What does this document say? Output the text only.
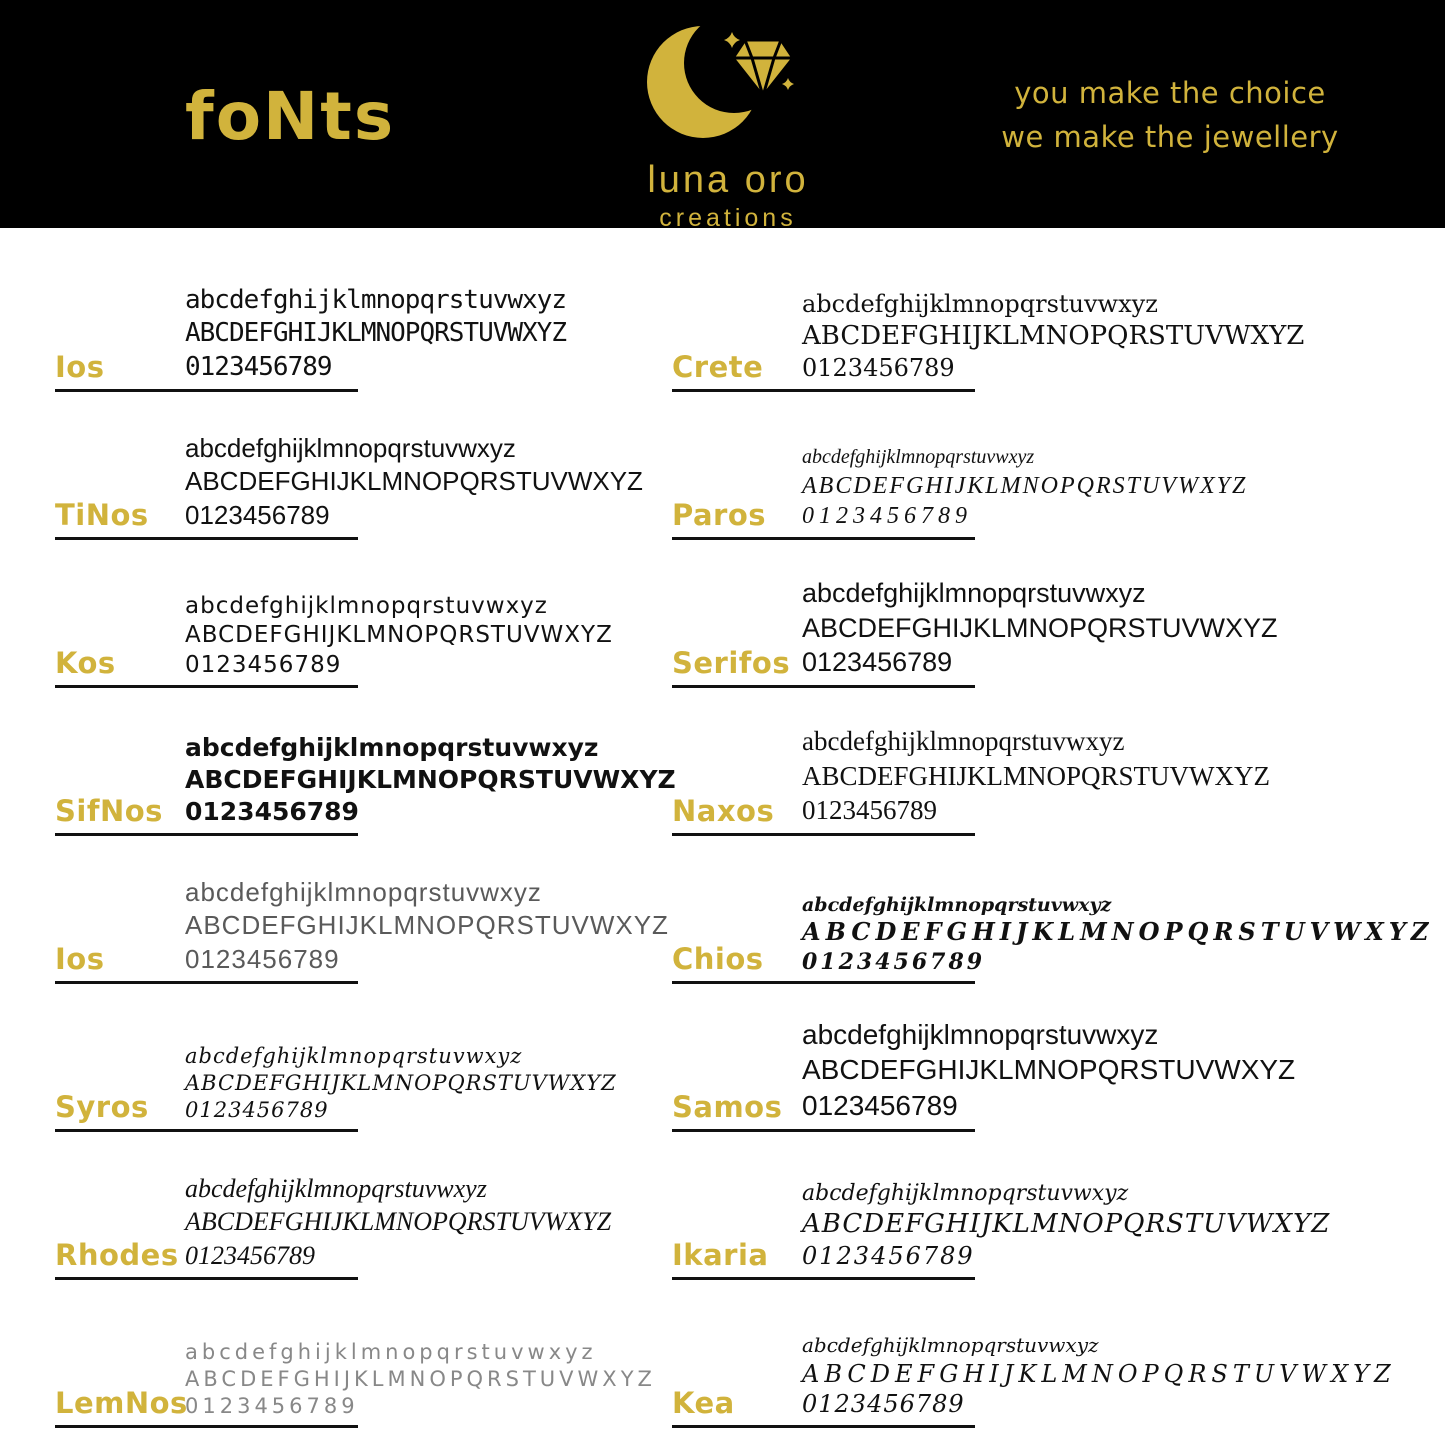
foNts
luna oro
creations
you make the choice
we make the jewellery
Ios
abcdefghijklmnopqrstuvwxyz
ABCDEFGHIJKLMNOPQRSTUVWXYZ
0123456789
TiNos
abcdefghijklmnopqrstuvwxyz
ABCDEFGHIJKLMNOPQRSTUVWXYZ
0123456789
Kos
abcdefghijklmnopqrstuvwxyz
ABCDEFGHIJKLMNOPQRSTUVWXYZ
0123456789
SifNos
abcdefghijklmnopqrstuvwxyz
ABCDEFGHIJKLMNOPQRSTUVWXYZ
0123456789
Ios
abcdefghijklmnopqrstuvwxyz
ABCDEFGHIJKLMNOPQRSTUVWXYZ
0123456789
Syros
abcdefghijklmnopqrstuvwxyz
ABCDEFGHIJKLMNOPQRSTUVWXYZ
0123456789
Rhodes
abcdefghijklmnopqrstuvwxyz
ABCDEFGHIJKLMNOPQRSTUVWXYZ
0123456789
LemNos
abcdefghijklmnopqrstuvwxyz
ABCDEFGHIJKLMNOPQRSTUVWXYZ
0123456789
Crete
abcdefghijklmnopqrstuvwxyz
ABCDEFGHIJKLMNOPQRSTUVWXYZ
0123456789
Paros
abcdefghijklmnopqrstuvwxyz
ABCDEFGHIJKLMNOPQRSTUVWXYZ
0123456789
Serifos
abcdefghijklmnopqrstuvwxyz
ABCDEFGHIJKLMNOPQRSTUVWXYZ
0123456789
Naxos
abcdefghijklmnopqrstuvwxyz
ABCDEFGHIJKLMNOPQRSTUVWXYZ
0123456789
Chios
abcdefghijklmnopqrstuvwxyz
ABCDEFGHIJKLMNOPQRSTUVWXYZ
0123456789
Samos
abcdefghijklmnopqrstuvwxyz
ABCDEFGHIJKLMNOPQRSTUVWXYZ
0123456789
Ikaria
abcdefghijklmnopqrstuvwxyz
ABCDEFGHIJKLMNOPQRSTUVWXYZ
0123456789
Kea
abcdefghijklmnopqrstuvwxyz
ABCDEFGHIJKLMNOPQRSTUVWXYZ
0123456789
